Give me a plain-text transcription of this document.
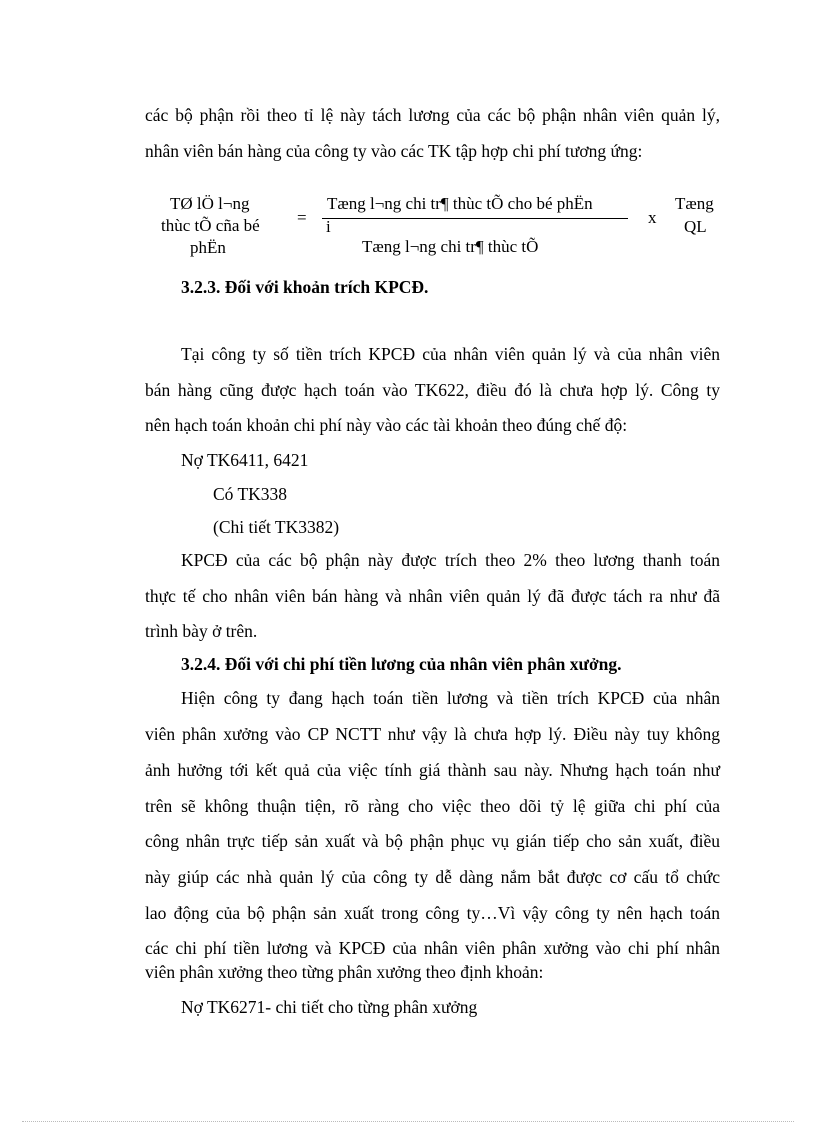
các bộ phận rồi theo tỉ lệ này tách lương của các bộ phận nhân viên quản lý,
nhân viên bán hàng của công ty vào các TK tập hợp chi phí tương ứng:
TØ lÖ l¬ng
thùc tÕ cña bé
phËn
=
Tæng l¬ng chi tr¶ thùc tÕ cho bé phËn
i
Tæng l¬ng chi tr¶ thùc tÕ
x
Tæng
QL
3.2.3. Đối với khoản trích KPCĐ.
Tại công ty số tiền trích KPCĐ của nhân viên quản lý và của nhân viên
bán hàng cũng được hạch toán vào TK622, điều đó là chưa hợp lý. Công ty
nên hạch toán khoản chi phí này vào các tài khoản theo đúng chế độ:
Nợ TK6411, 6421
Có TK338
(Chi tiết TK3382)
KPCĐ của các bộ phận này được trích theo 2% theo lương thanh toán
thực tế cho nhân viên bán hàng và nhân viên quản lý đã được tách ra như đã
trình bày ở trên.
3.2.4. Đối với chi phí tiền lương của nhân viên phân xưởng.
Hiện công ty đang hạch toán tiền lương và tiền trích KPCĐ của nhân
viên phân xưởng vào CP NCTT như vậy là chưa hợp lý. Điều này tuy không
ảnh hưởng tới kết quả của việc tính giá thành sau này. Nhưng hạch toán như
trên sẽ không thuận tiện, rõ ràng cho việc theo dõi tỷ lệ giữa chi phí của
công nhân trực tiếp sản xuất và bộ phận phục vụ gián tiếp cho sản xuất, điều
này giúp các nhà quản lý của công ty dễ dàng nắm bắt được cơ cấu tổ chức
lao động của bộ phận sản xuất trong công ty…Vì vậy công ty nên hạch toán
các chi phí tiền lương và KPCĐ của nhân viên phân xưởng vào chi phí nhân
viên phân xưởng theo từng phân xưởng theo định khoản:
Nợ TK6271- chi tiết cho từng phân xưởng
